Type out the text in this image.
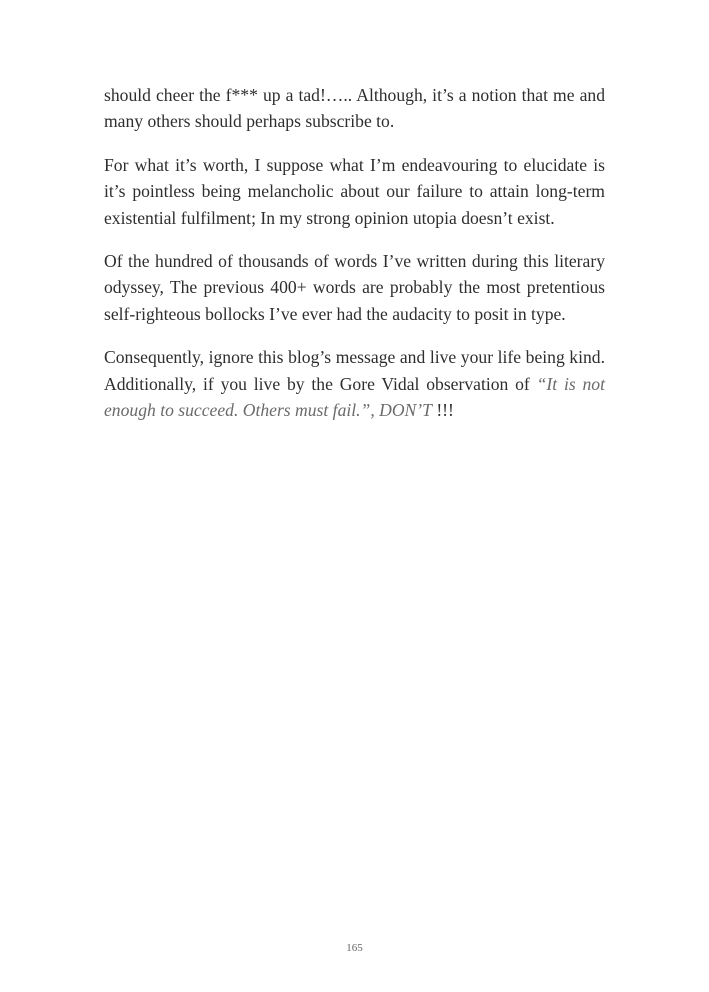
should cheer the f*** up a tad!….. Although, it’s a notion that me and many others should perhaps subscribe to.

For what it’s worth, I suppose what I’m endeavouring to elucidate is it’s pointless being melancholic about our failure to attain long-term existential fulfilment; In my strong opinion utopia doesn’t exist.

Of the hundred of thousands of words I’ve written during this literary odyssey, The previous 400+ words are probably the most pretentious self-righteous bollocks I’ve ever had the audacity to posit in type.

Consequently, ignore this blog’s message and live your life being kind. Additionally, if you live by the Gore Vidal observation of “It is not enough to succeed. Others must fail.”, DON’T !!!

165
